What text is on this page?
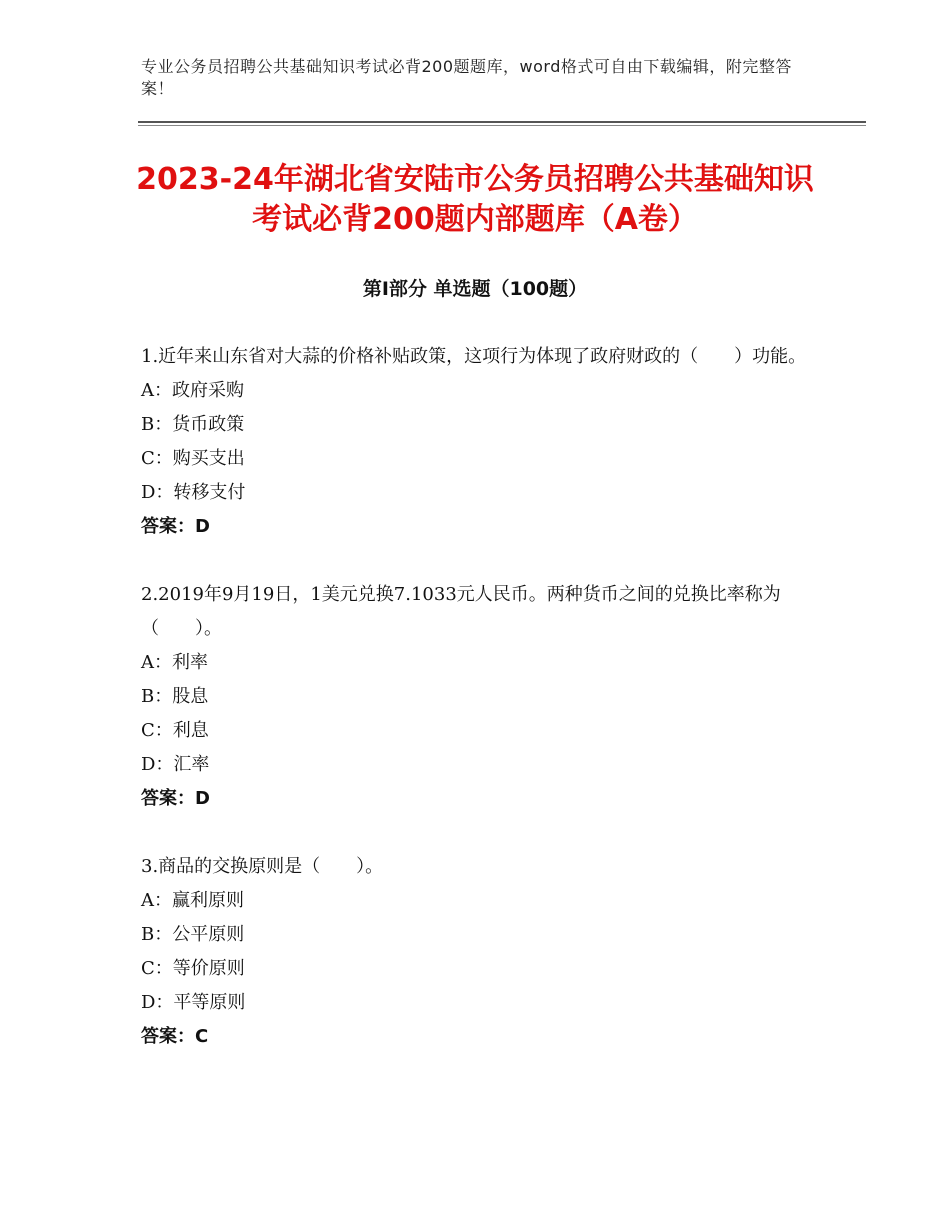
专业公务员招聘公共基础知识考试必背200题题库，word格式可自由下载编辑，附完整答案！
2023-24年湖北省安陆市公务员招聘公共基础知识考试必背200题内部题库（A卷）
第Ⅰ部分 单选题（100题）

1.近年来山东省对大蒜的价格补贴政策，这项行为体现了政府财政的（　　）功能。

A：政府采购

B：货币政策

C：购买支出

D：转移支付

答案：D

2.2019年9月19日，1美元兑换7.1033元人民币。两种货币之间的兑换比率称为（　　）。

A：利率

B：股息

C：利息

D：汇率

答案：D

3.商品的交换原则是（　　）。

A：赢利原则

B：公平原则

C：等价原则

D：平等原则

答案：C
